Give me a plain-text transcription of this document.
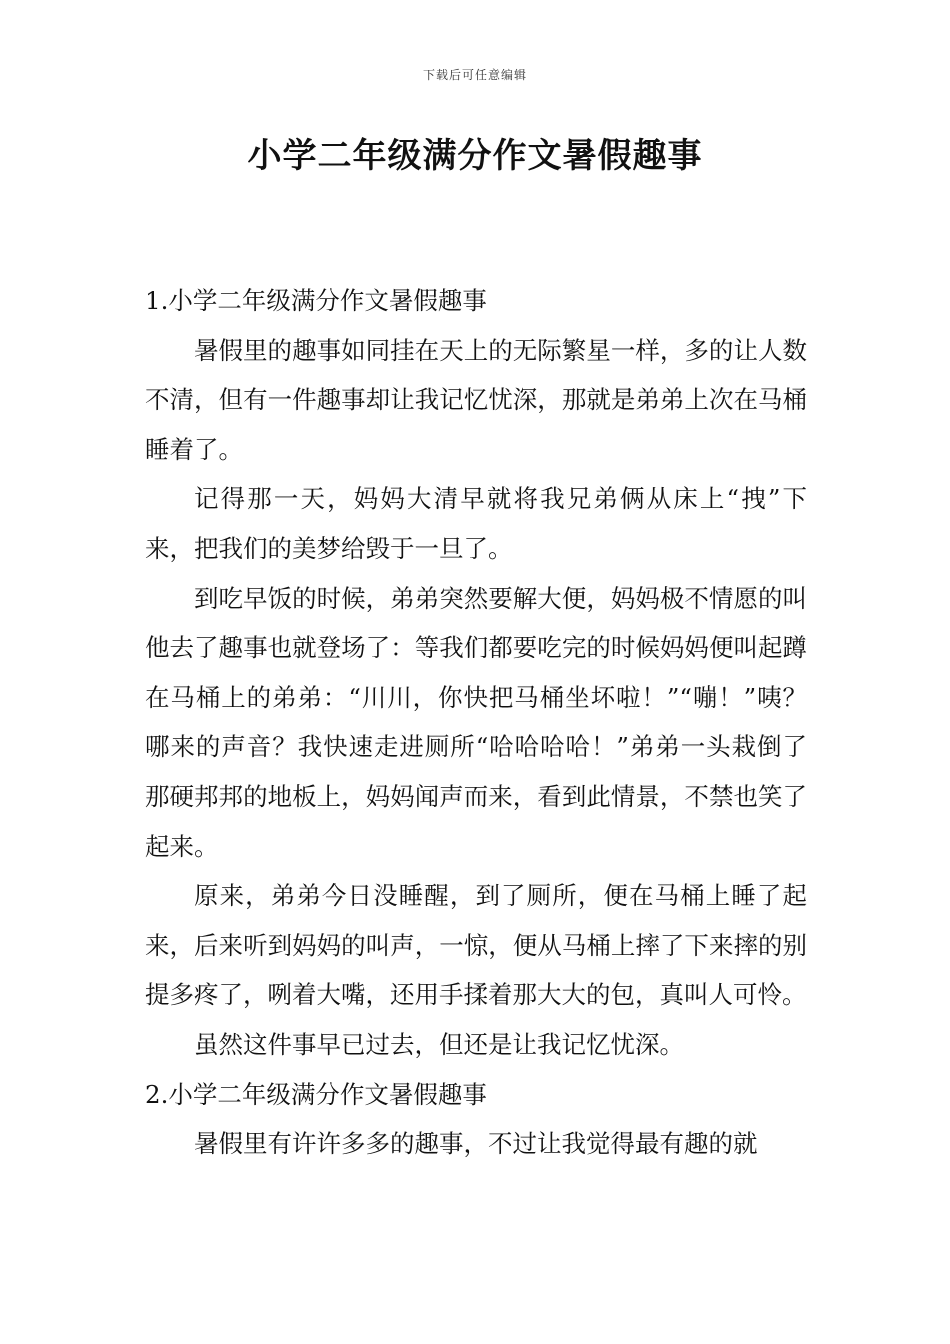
下载后可任意编辑
小学二年级满分作文暑假趣事
1.小学二年级满分作文暑假趣事

暑假里的趣事如同挂在天上的无际繁星一样，多的让人数不清，但有一件趣事却让我记忆忧深，那就是弟弟上次在马桶睡着了。

记得那一天，妈妈大清早就将我兄弟俩从床上“拽”下来，把我们的美梦给毁于一旦了。

到吃早饭的时候，弟弟突然要解大便，妈妈极不情愿的叫他去了趣事也就登场了：等我们都要吃完的时候妈妈便叫起蹲在马桶上的弟弟：“川川，你快把马桶坐坏啦！”“嘣！”咦？哪来的声音？我快速走进厕所“哈哈哈哈！”弟弟一头栽倒了那硬邦邦的地板上，妈妈闻声而来，看到此情景，不禁也笑了起来。

原来，弟弟今日没睡醒，到了厕所，便在马桶上睡了起来，后来听到妈妈的叫声，一惊，便从马桶上摔了下来摔的别提多疼了，咧着大嘴，还用手揉着那大大的包，真叫人可怜。

虽然这件事早已过去，但还是让我记忆忧深。

2.小学二年级满分作文暑假趣事

暑假里有许许多多的趣事，不过让我觉得最有趣的就
